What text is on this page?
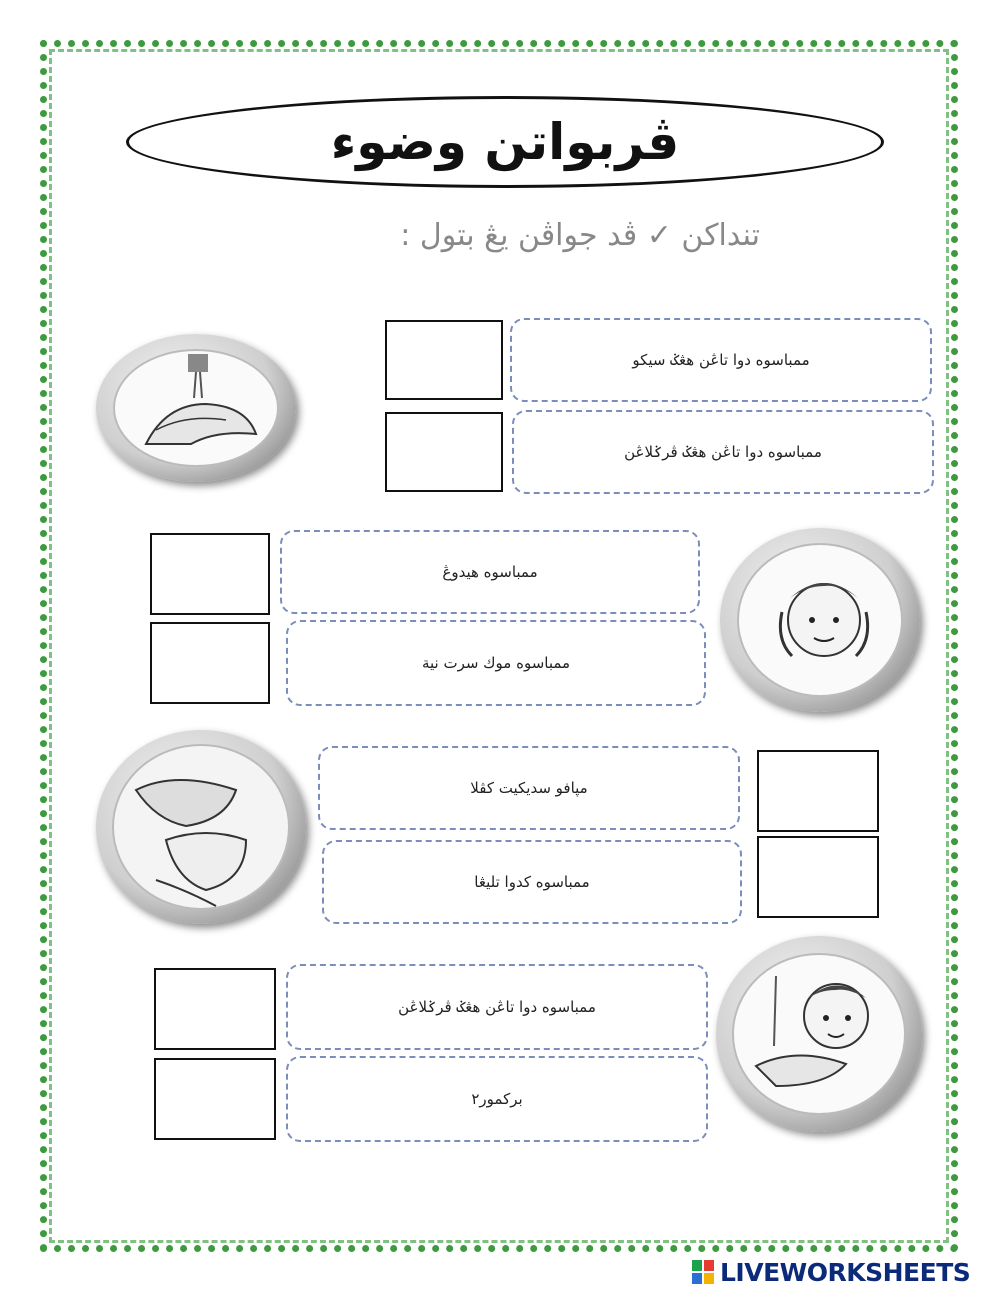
ڤربواتن وضوء
تنداكن ✓ ڤد جواڤن يڠ بتول :
ممباسوه دوا تاڠن هڠݢ سيكو
ممباسوه دوا تاڠن هڠݢ ڤرݢلاڠن
ممباسوه هيدوڠ
ممباسوه موك سرت نية
مڽافو سديكيت كڤلا
ممباسوه كدوا تليڠا
ممباسوه دوا تاڠن هڠݢ ڤرݢلاڠن
بركمور٢
LIVEWORKSHEETS
